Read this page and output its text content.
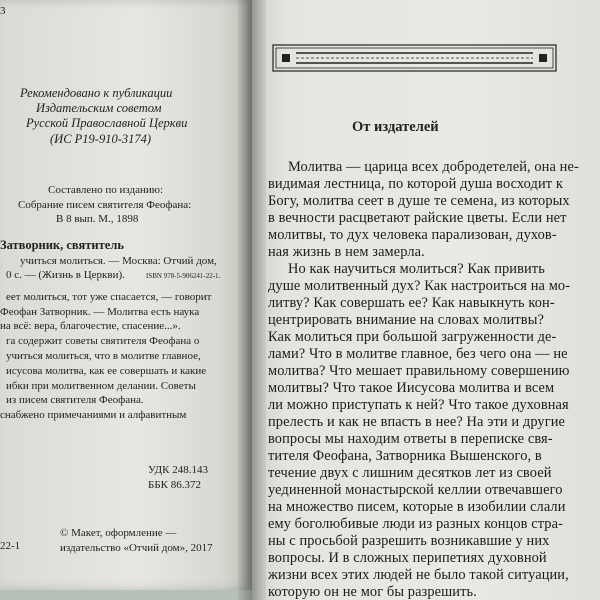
3
Рекомендовано к публикации
Издательским советом
Русской Православной Церкви
(ИС Р19-910-3174)
Составлено по изданию:
Собрание писем святителя Феофана:
В 8 вып. М., 1898
Затворник, святитель
учиться молиться. — Москва: Отчий дом,
0 с. — (Жизнь в Церкви).	ISBN 978-5-906241-22-1.
еет молиться, тот уже спасается, — говорит
Феофан Затворник. — Молитва есть наука
на всё: вера, благочестие, спасение...».
га содержит советы святителя Феофана о
учиться молиться, что в молитве главное,
исусова молитва, как ее совершать и какие
ибки при молитвенном делании. Советы
из писем святителя Феофана.
снабжено примечаниями и алфавитным
УДК 248.143
ББК 86.372
22-1
© Макет, оформление —
издательство «Отчий дом», 2017
От издателей
Молитва — царица всех добродетелей, она не-
видимая лестница, по которой душа восходит к
Богу, молитва сеет в душе те семена, из которых
в вечности расцветают райские цветы. Если нет
молитвы, то дух человека парализован, духов-
ная жизнь в нем замерла.
Но как научиться молиться? Как привить
душе молитвенный дух? Как настроиться на мо-
литву? Как совершать ее? Как навыкнуть кон-
центрировать внимание на словах молитвы?
Как молиться при большой загруженности де-
лами? Что в молитве главное, без чего она — не
молитва? Что мешает правильному совершению
молитвы? Что такое Иисусова молитва и всем
ли можно приступать к ней? Что такое духовная
прелесть и как не впасть в нее? На эти и другие
вопросы мы находим ответы в переписке свя-
тителя Феофана, Затворника Вышенского, в
течение двух с лишним десятков лет из своей
уединенной монастырской келлии отвечавшего
на множество писем, которые в изобилии слали
ему боголюбивые люди из разных концов стра-
ны с просьбой разрешить возникавшие у них
вопросы. И в сложных перипетиях духовной
жизни всех этих людей не было такой ситуации,
которую он не мог бы разрешить.
